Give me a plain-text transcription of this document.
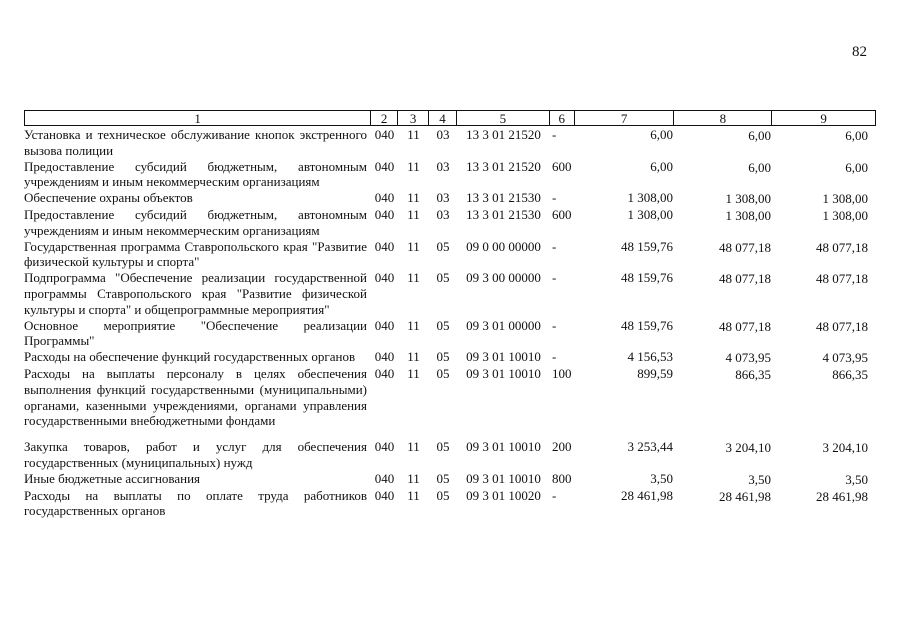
82
1	2	3	4	5	6	7	8	9
Установка и техническое обслуживание кнопок экстренного
вызова полиции
040 11	03	13 3 01 21520 -	6,00	6,00	6,00
Предоставление субсидий бюджетным, автономным
учреждениям и иным некоммерческим организациям
040 11	03	13 3 01 21520 600	6,00	6,00	6,00
Обеспечение охраны объектов	040 11	03	13 3 01 21530 -	1 308,00	1 308,00	1 308,00
Предоставление субсидий бюджетным, автономным
учреждениям и иным некоммерческим организациям
040 11	03	13 3 01 21530 600	1 308,00	1 308,00	1 308,00
Государственная программа Ставропольского края "Развитие
физической культуры и спорта"
040 11	05	09 0 00 00000 -	48 159,76	48 077,18	48 077,18
Подпрограмма "Обеспечение реализации государственной
программы Ставропольского края "Развитие физической
культуры и спорта" и общепрограммные мероприятия"
040 11	05	09 3 00 00000 -	48 159,76	48 077,18	48 077,18
Основное мероприятие "Обеспечение реализации
Программы"
040 11	05	09 3 01 00000 -	48 159,76	48 077,18	48 077,18
Расходы на обеспечение функций государственных органов	040 11	05	09 3 01 10010 -	4 156,53	4 073,95	4 073,95
Расходы на выплаты персоналу в целях обеспечения
выполнения функций государственными (муниципальными)
органами, казенными учреждениями, органами управления
государственными внебюджетными фондами
040 11	05	09 3 01 10010 100	899,59	866,35	866,35
Закупка товаров, работ и услуг для обеспечения
государственных (муниципальных) нужд
040 11	05	09 3 01 10010 200	3 253,44	3 204,10	3 204,10
Иные бюджетные ассигнования	040 11	05	09 3 01 10010 800	3,50	3,50	3,50
Расходы на выплаты по оплате труда работников
государственных органов
040 11	05	09 3 01 10020 -	28 461,98	28 461,98	28 461,98
